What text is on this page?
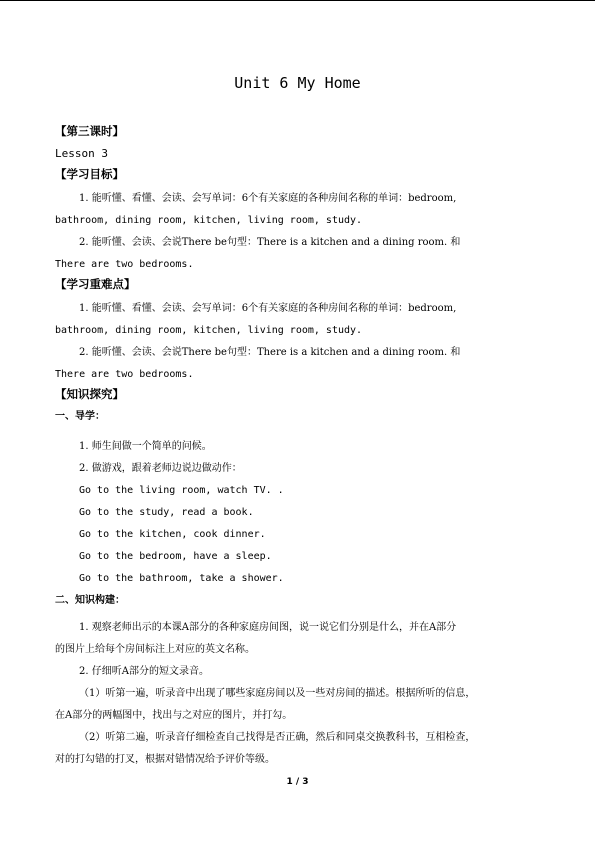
Unit 6 My Home
【第三课时】
Lesson 3
【学习目标】
1. 能听懂、看懂、会读、会写单词：6个有关家庭的各种房间名称的单词：bedroom,
bathroom, dining room, kitchen, living room, study.
2. 能听懂、会读、会说There be句型：There is a kitchen and a dining room. 和
There are two bedrooms.
【学习重难点】
1. 能听懂、看懂、会读、会写单词：6个有关家庭的各种房间名称的单词：bedroom,
bathroom, dining room, kitchen, living room, study.
2. 能听懂、会读、会说There be句型：There is a kitchen and a dining room. 和
There are two bedrooms.
【知识探究】
一、导学：
1. 师生间做一个简单的问候。
2. 做游戏，跟着老师边说边做动作：
Go to the living room, watch TV. .
Go to the study, read a book.
Go to the kitchen, cook dinner.
Go to the bedroom, have a sleep.
Go to the bathroom, take a shower.
二、知识构建：
1. 观察老师出示的本课A部分的各种家庭房间图，说一说它们分别是什么，并在A部分
的图片上给每个房间标注上对应的英文名称。
2. 仔细听A部分的短文录音。
（1）听第一遍，听录音中出现了哪些家庭房间以及一些对房间的描述。根据所听的信息，
在A部分的两幅图中，找出与之对应的图片，并打勾。
（2）听第二遍，听录音仔细检查自己找得是否正确，然后和同桌交换教科书，互相检查，
对的打勾错的打叉，根据对错情况给予评价等级。
1 / 3
